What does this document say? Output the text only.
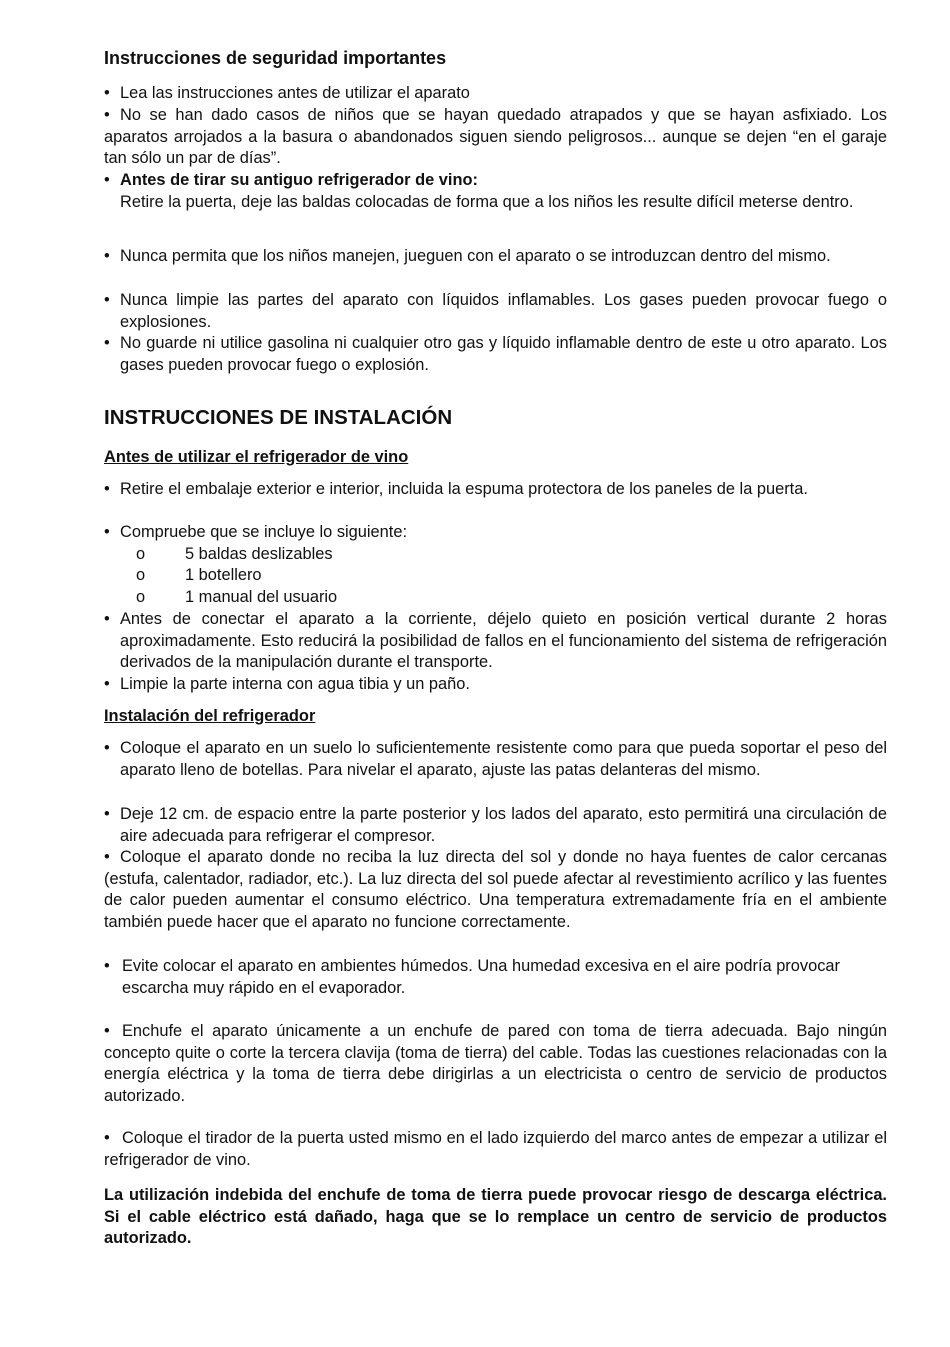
Instrucciones de seguridad importantes
• Lea las instrucciones antes de utilizar el aparato
• No se han dado casos de niños que se hayan quedado atrapados y que se hayan asfixiado. Los aparatos arrojados a la basura o abandonados siguen siendo peligrosos... aunque se dejen “en el garaje tan sólo un par de días”.
• Antes de tirar su antiguo refrigerador de vino:
Retire la puerta, deje las baldas colocadas de forma que a los niños les resulte difícil meterse dentro.
• Nunca permita que los niños manejen, jueguen con el aparato o se introduzcan dentro del mismo.
• Nunca limpie las partes del aparato con líquidos inflamables. Los gases pueden provocar fuego o explosiones.
• No guarde ni utilice gasolina ni cualquier otro gas y líquido inflamable dentro de este u otro aparato. Los gases pueden provocar fuego o explosión.
INSTRUCCIONES DE INSTALACIÓN
Antes de utilizar el refrigerador de vino
• Retire el embalaje exterior e interior, incluida la espuma protectora de los paneles de la puerta.
• Compruebe que se incluye lo siguiente:
o 5 baldas deslizables
o 1 botellero
o 1 manual del usuario
• Antes de conectar el aparato a la corriente, déjelo quieto en posición vertical durante 2 horas aproximadamente. Esto reducirá la posibilidad de fallos en el funcionamiento del sistema de refrigeración derivados de la manipulación durante el transporte.
• Limpie la parte interna con agua tibia y un paño.
Instalación del refrigerador
• Coloque el aparato en un suelo lo suficientemente resistente como para que pueda soportar el peso del aparato lleno de botellas. Para nivelar el aparato, ajuste las patas delanteras del mismo.
• Deje 12 cm. de espacio entre la parte posterior y los lados del aparato, esto permitirá una circulación de aire adecuada para refrigerar el compresor.
• Coloque el aparato donde no reciba la luz directa del sol y donde no haya fuentes de calor cercanas (estufa, calentador, radiador, etc.). La luz directa del sol puede afectar al revestimiento acrílico y las fuentes de calor pueden aumentar el consumo eléctrico. Una temperatura extremadamente fría en el ambiente también puede hacer que el aparato no funcione correctamente.
• Evite colocar el aparato en ambientes húmedos. Una humedad excesiva en el aire podría provocar escarcha muy rápido en el evaporador.
• Enchufe el aparato únicamente a un enchufe de pared con toma de tierra adecuada. Bajo ningún concepto quite o corte la tercera clavija (toma de tierra) del cable. Todas las cuestiones relacionadas con la energía eléctrica y la toma de tierra debe dirigirlas a un electricista o centro de servicio de productos autorizado.
• Coloque el tirador de la puerta usted mismo en el lado izquierdo del marco antes de empezar a utilizar el refrigerador de vino.
La utilización indebida del enchufe de toma de tierra puede provocar riesgo de descarga eléctrica. Si el cable eléctrico está dañado, haga que se lo remplace un centro de servicio de productos autorizado.
